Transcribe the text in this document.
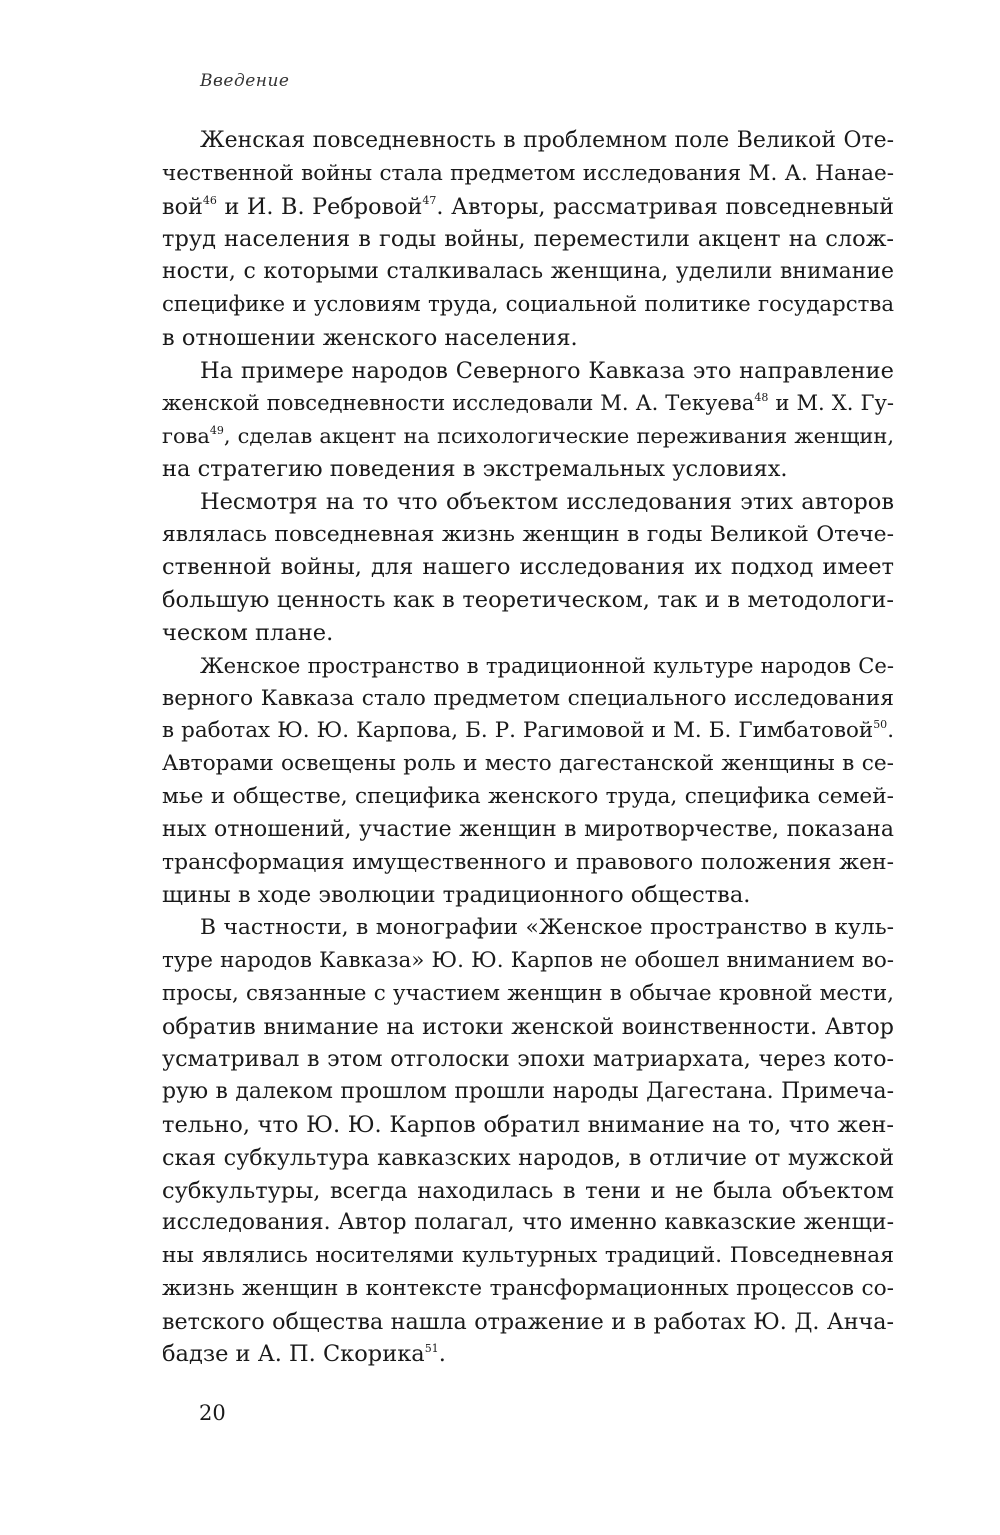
Введение
Женская повседневность в проблемном поле Великой Оте-
чественной войны стала предметом исследования М. А. Нанае-
вой$^{46}$ и И. В. Ребровой$^{47}$. Авторы, рассматривая повседневный
труд населения в годы войны, переместили акцент на слож-
ности, с которыми сталкивалась женщина, уделили внимание
специфике и условиям труда, социальной политике государства
в отношении женского населения.
На примере народов Северного Кавказа это направление
женской повседневности исследовали М. А. Текуева$^{48}$ и М. Х. Гу-
гова$^{49}$, сделав акцент на психологические переживания женщин,
на стратегию поведения в экстремальных условиях.
Несмотря на то что объектом исследования этих авторов
являлась повседневная жизнь женщин в годы Великой Отече-
ственной войны, для нашего исследования их подход имеет
большую ценность как в теоретическом, так и в методологи-
ческом плане.
Женское пространство в традиционной культуре народов Се-
верного Кавказа стало предметом специального исследования
в работах Ю. Ю. Карпова, Б. Р. Рагимовой и М. Б. Гимбатовой$^{50}$.
Авторами освещены роль и место дагестанской женщины в се-
мье и обществе, специфика женского труда, специфика семей-
ных отношений, участие женщин в миротворчестве, показана
трансформация имущественного и правового положения жен-
щины в ходе эволюции традиционного общества.
В частности, в монографии «Женское пространство в куль-
туре народов Кавказа» Ю. Ю. Карпов не обошел вниманием во-
просы, связанные с участием женщин в обычае кровной мести,
обратив внимание на истоки женской воинственности. Автор
усматривал в этом отголоски эпохи матриархата, через кото-
рую в далеком прошлом прошли народы Дагестана. Примеча-
тельно, что Ю. Ю. Карпов обратил внимание на то, что жен-
ская субкультура кавказских народов, в отличие от мужской
субкультуры, всегда находилась в тени и не была объектом
исследования. Автор полагал, что именно кавказские женщи-
ны являлись носителями культурных традиций. Повседневная
жизнь женщин в контексте трансформационных процессов со-
ветского общества нашла отражение и в работах Ю. Д. Анча-
бадзе и А. П. Скорика$^{51}$.
20
